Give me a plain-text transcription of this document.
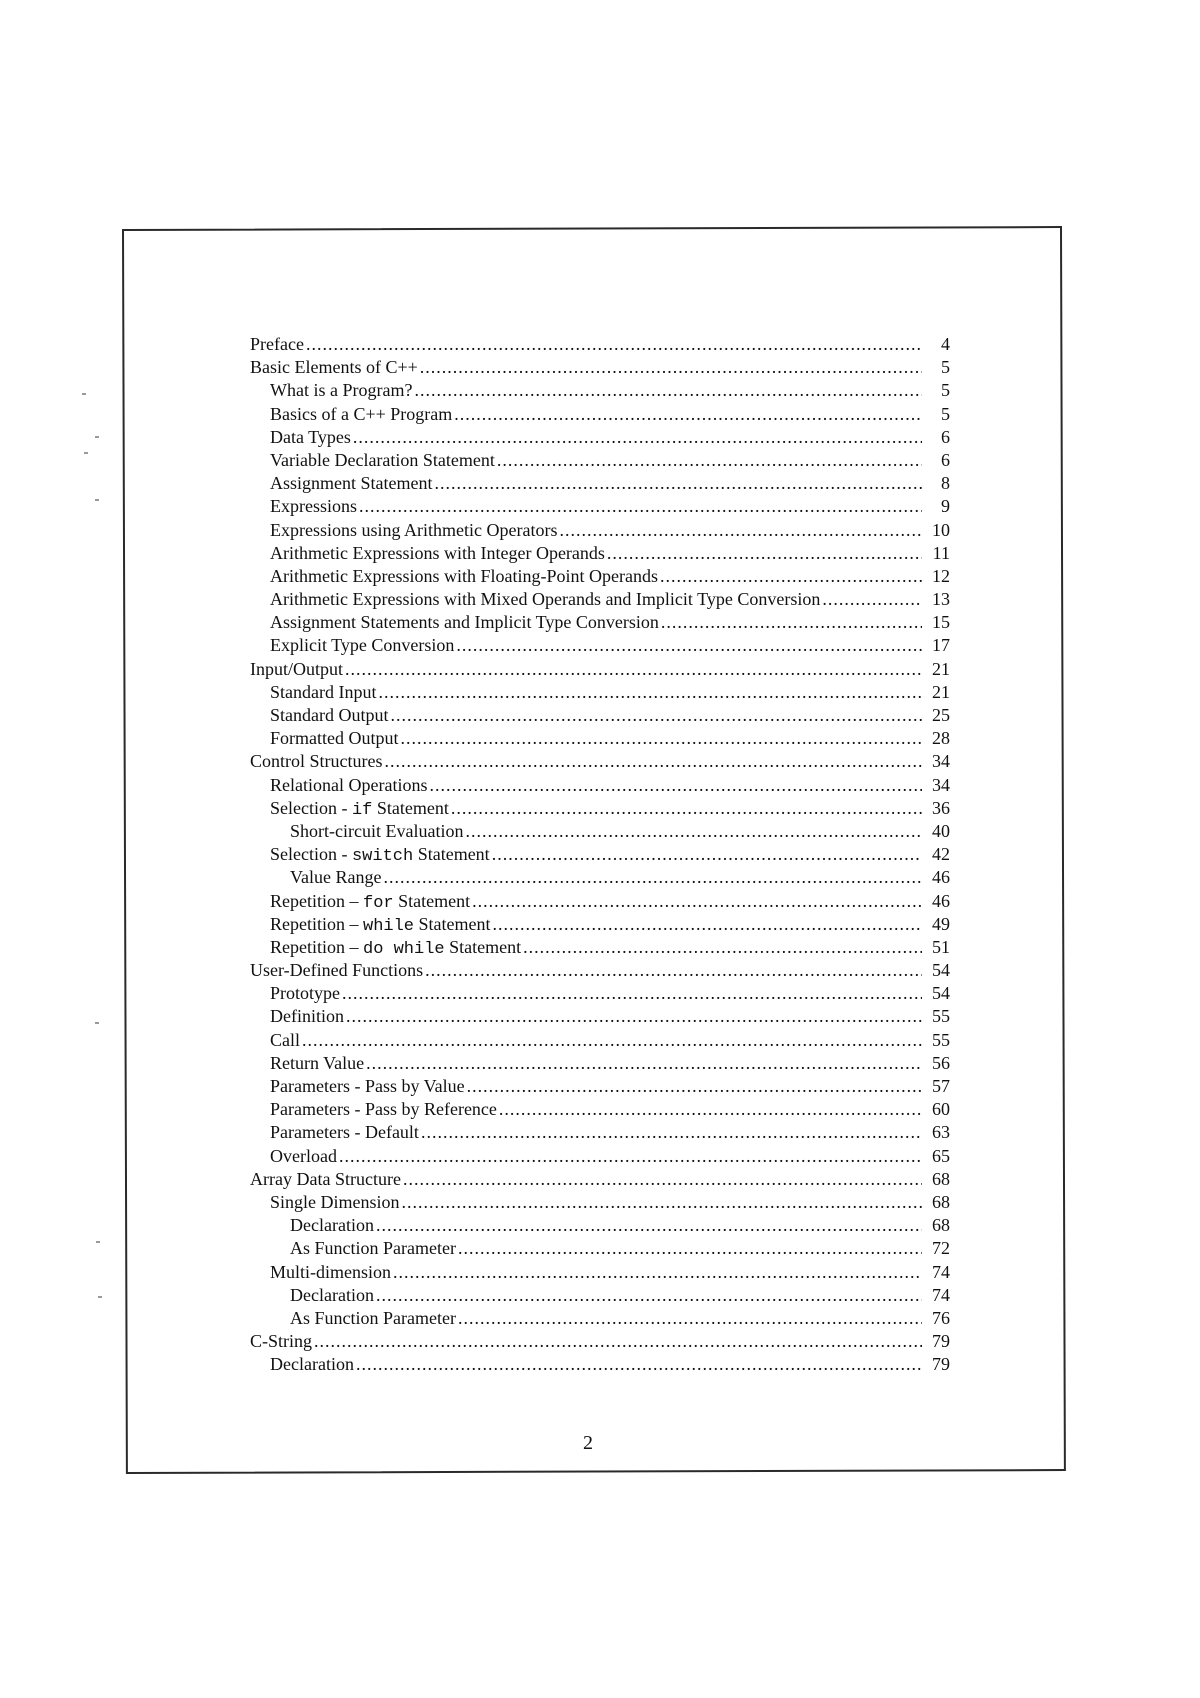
Preface .....	4
Basic Elements of C++ .....	5
What is a Program? .....	5
Basics of a C++ Program .....	5
Data Types .....	6
Variable Declaration Statement .....	6
Assignment Statement .....	8
Expressions .....	9
Expressions using Arithmetic Operators .....	10
Arithmetic Expressions with Integer Operands .....	11
Arithmetic Expressions with Floating-Point Operands .....	12
Arithmetic Expressions with Mixed Operands and Implicit Type Conversion .....	13
Assignment Statements and Implicit Type Conversion .....	15
Explicit Type Conversion .....	17
Input/Output .....	21
Standard Input .....	21
Standard Output .....	25
Formatted Output .....	28
Control Structures .....	34
Relational Operations .....	34
Selection - if Statement .....	36
Short-circuit Evaluation .....	40
Selection - switch Statement .....	42
Value Range .....	46
Repetition – for Statement .....	46
Repetition – while Statement .....	49
Repetition – do while Statement .....	51
User-Defined Functions .....	54
Prototype .....	54
Definition .....	55
Call .....	55
Return Value .....	56
Parameters - Pass by Value .....	57
Parameters - Pass by Reference .....	60
Parameters - Default .....	63
Overload .....	65
Array Data Structure .....	68
Single Dimension .....	68
Declaration .....	68
As Function Parameter .....	72
Multi-dimension .....	74
Declaration .....	74
As Function Parameter .....	76
C-String .....	79
Declaration .....	79
2
